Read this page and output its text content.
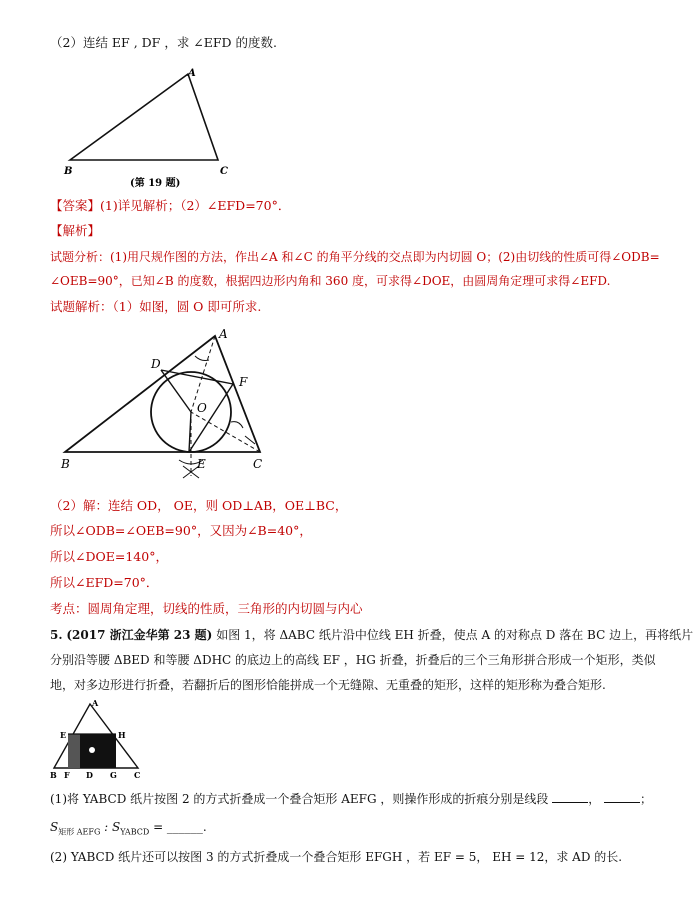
（2）连结 EF , DF ，求 ∠EFD 的度数.
A
B	C
(第 19 题)
【答案】(1)详见解析；（2）∠EFD=70°．
【解析】
试题分析：(1)用尺规作图的方法，作出∠A 和∠C 的角平分线的交点即为内切圆 O；(2)由切线的性质可得∠ODB=
∠OEB=90°，已知∠B 的度数，根据四边形内角和 360 度，可求得∠DOE，由圆周角定理可求得∠EFD.
试题解析：（1）如图，圆 O 即可所求.
A
B	C
D
E
F
O
（2）解：连结 OD， OE，则 OD⊥AB，OE⊥BC，
所以∠ODB=∠OEB=90°，又因为∠B=40°，
所以∠DOE=140°，
所以∠EFD=70°．
考点：圆周角定理，切线的性质，三角形的内切圆与内心
5. (2017 浙江金华第 23 题) 如图 1，将 ΔABC 纸片沿中位线 EH 折叠，使点 A 的对称点 D 落在 BC 边上，再将纸片
分别沿等腰 ΔBED 和等腰 ΔDHC 的底边上的高线 EF ，HG 折叠，折叠后的三个三角形拼合形成一个矩形，类似
地，对多边形进行折叠，若翻折后的图形恰能拼成一个无缝隙、无重叠的矩形，这样的矩形称为叠合矩形.
A
E	H
B F D G C
(1)将 YABCD 纸片按图 2 的方式折叠成一个叠合矩形 AEFG ，则操作形成的折痕分别是线段	，	；
$S_{矩形 AEFG}$ : $S_{YABCD}$ = ______.
(2) YABCD 纸片还可以按图 3 的方式折叠成一个叠合矩形 EFGH ，若 EF = 5， EH = 12，求 AD 的长.
